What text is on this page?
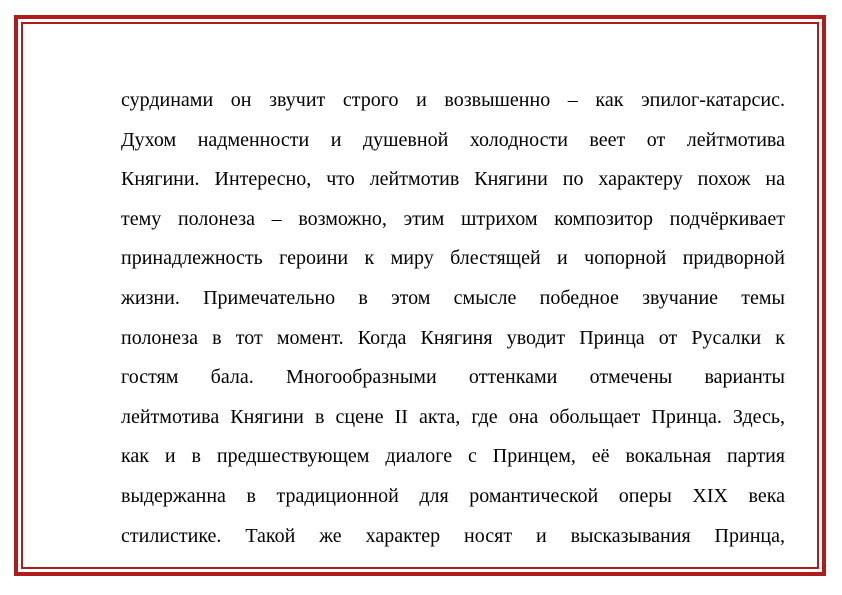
сурдинами он звучит строго и возвышенно – как эпилог-катарсис.
Духом надменности и душевной холодности веет от лейтмотива
Княгини. Интересно, что лейтмотив Княгини по характеру похож на
тему полонеза – возможно, этим штрихом композитор подчёркивает
принадлежность героини к миру блестящей и чопорной придворной
жизни. Примечательно в этом смысле победное звучание темы
полонеза в тот момент. Когда Княгиня уводит Принца от Русалки к
гостям бала. Многообразными оттенками отмечены варианты
лейтмотива Княгини в сцене II акта, где она обольщает Принца. Здесь,
как и в предшествующем диалоге с Принцем, её вокальная партия
выдержанна в традиционной для романтической оперы XIX века
стилистике. Такой же характер носят и высказывания Принца,
